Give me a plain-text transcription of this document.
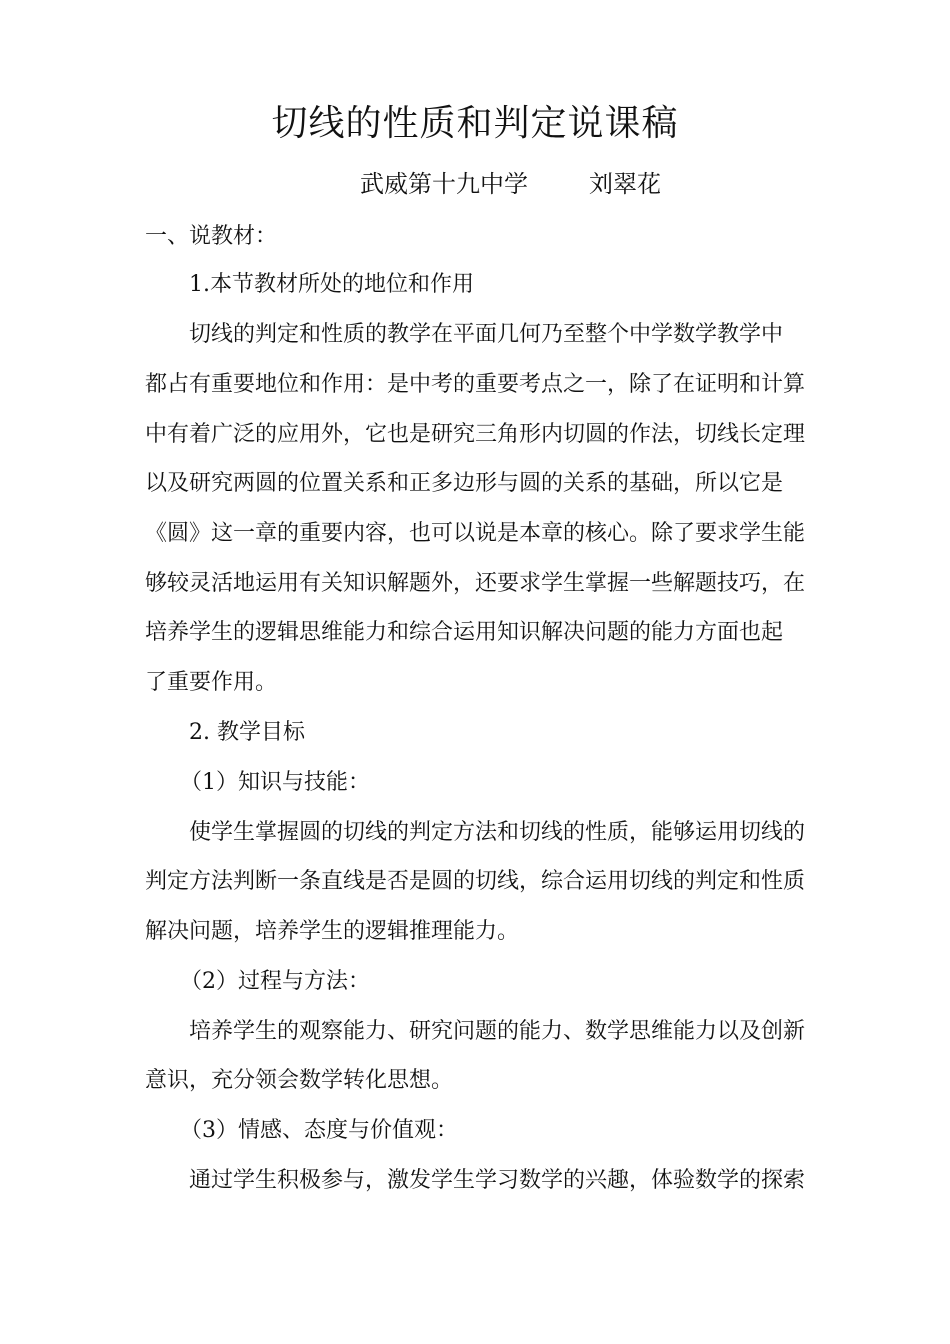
切线的性质和判定说课稿
武威第十九中学        刘翠花
一、说教材：
1.本节教材所处的地位和作用
切线的判定和性质的教学在平面几何乃至整个中学数学教学中
都占有重要地位和作用：是中考的重要考点之一，除了在证明和计算
中有着广泛的应用外，它也是研究三角形内切圆的作法，切线长定理
以及研究两圆的位置关系和正多边形与圆的关系的基础，所以它是
《圆》这一章的重要内容，也可以说是本章的核心。除了要求学生能
够较灵活地运用有关知识解题外，还要求学生掌握一些解题技巧，在
培养学生的逻辑思维能力和综合运用知识解决问题的能力方面也起
了重要作用。
2. 教学目标
（1）知识与技能：
使学生掌握圆的切线的判定方法和切线的性质，能够运用切线的
判定方法判断一条直线是否是圆的切线，综合运用切线的判定和性质
解决问题，培养学生的逻辑推理能力。
（2）过程与方法：
培养学生的观察能力、研究问题的能力、数学思维能力以及创新
意识，充分领会数学转化思想。
（3）情感、态度与价值观：
通过学生积极参与，激发学生学习数学的兴趣，体验数学的探索
